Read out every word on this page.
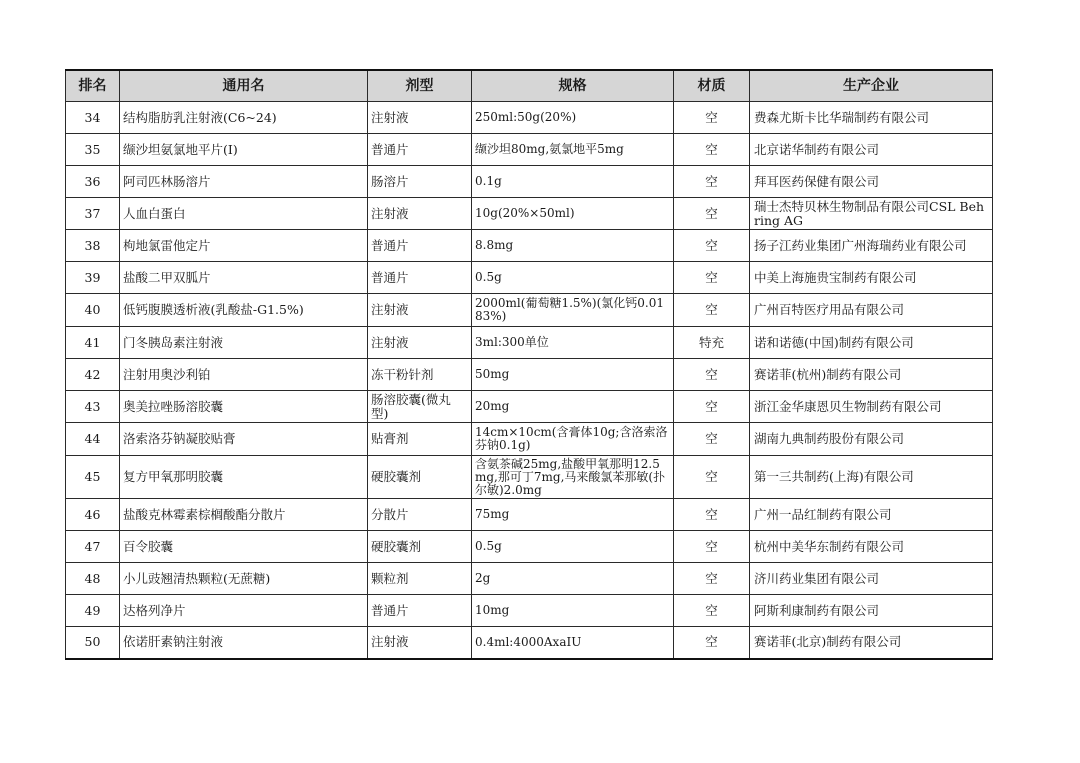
排名	通用名	剂型	规格	材质	生产企业
34	结构脂肪乳注射液(C6~24)	注射液	250ml:50g(20%)	空	费森尤斯卡比华瑞制药有限公司
35	缬沙坦氨氯地平片(Ⅰ)	普通片	缬沙坦80mg,氨氯地平5mg	空	北京诺华制药有限公司
36	阿司匹林肠溶片	肠溶片	0.1g	空	拜耳医药保健有限公司
37	人血白蛋白	注射液	10g(20%×50ml)	空	瑞士杰特贝林生物制品有限公司CSL Behring AG
38	枸地氯雷他定片	普通片	8.8mg	空	扬子江药业集团广州海瑞药业有限公司
39	盐酸二甲双胍片	普通片	0.5g	空	中美上海施贵宝制药有限公司
40	低钙腹膜透析液(乳酸盐-G1.5%)	注射液	2000ml(葡萄糖1.5%)(氯化钙0.0183%)	空	广州百特医疗用品有限公司
41	门冬胰岛素注射液	注射液	3ml:300单位	特充	诺和诺德(中国)制药有限公司
42	注射用奥沙利铂	冻干粉针剂	50mg	空	赛诺菲(杭州)制药有限公司
43	奥美拉唑肠溶胶囊	肠溶胶囊(微丸型)	20mg	空	浙江金华康恩贝生物制药有限公司
44	洛索洛芬钠凝胶贴膏	贴膏剂	14cm×10cm(含膏体10g;含洛索洛芬钠0.1g)	空	湖南九典制药股份有限公司
45	复方甲氧那明胶囊	硬胶囊剂	含氨茶碱25mg,盐酸甲氧那明12.5mg,那可丁7mg,马来酸氯苯那敏(扑尔敏)2.0mg	空	第一三共制药(上海)有限公司
46	盐酸克林霉素棕榈酸酯分散片	分散片	75mg	空	广州一品红制药有限公司
47	百令胶囊	硬胶囊剂	0.5g	空	杭州中美华东制药有限公司
48	小儿豉翘清热颗粒(无蔗糖)	颗粒剂	2g	空	济川药业集团有限公司
49	达格列净片	普通片	10mg	空	阿斯利康制药有限公司
50	依诺肝素钠注射液	注射液	0.4ml:4000AxaIU	空	赛诺菲(北京)制药有限公司
